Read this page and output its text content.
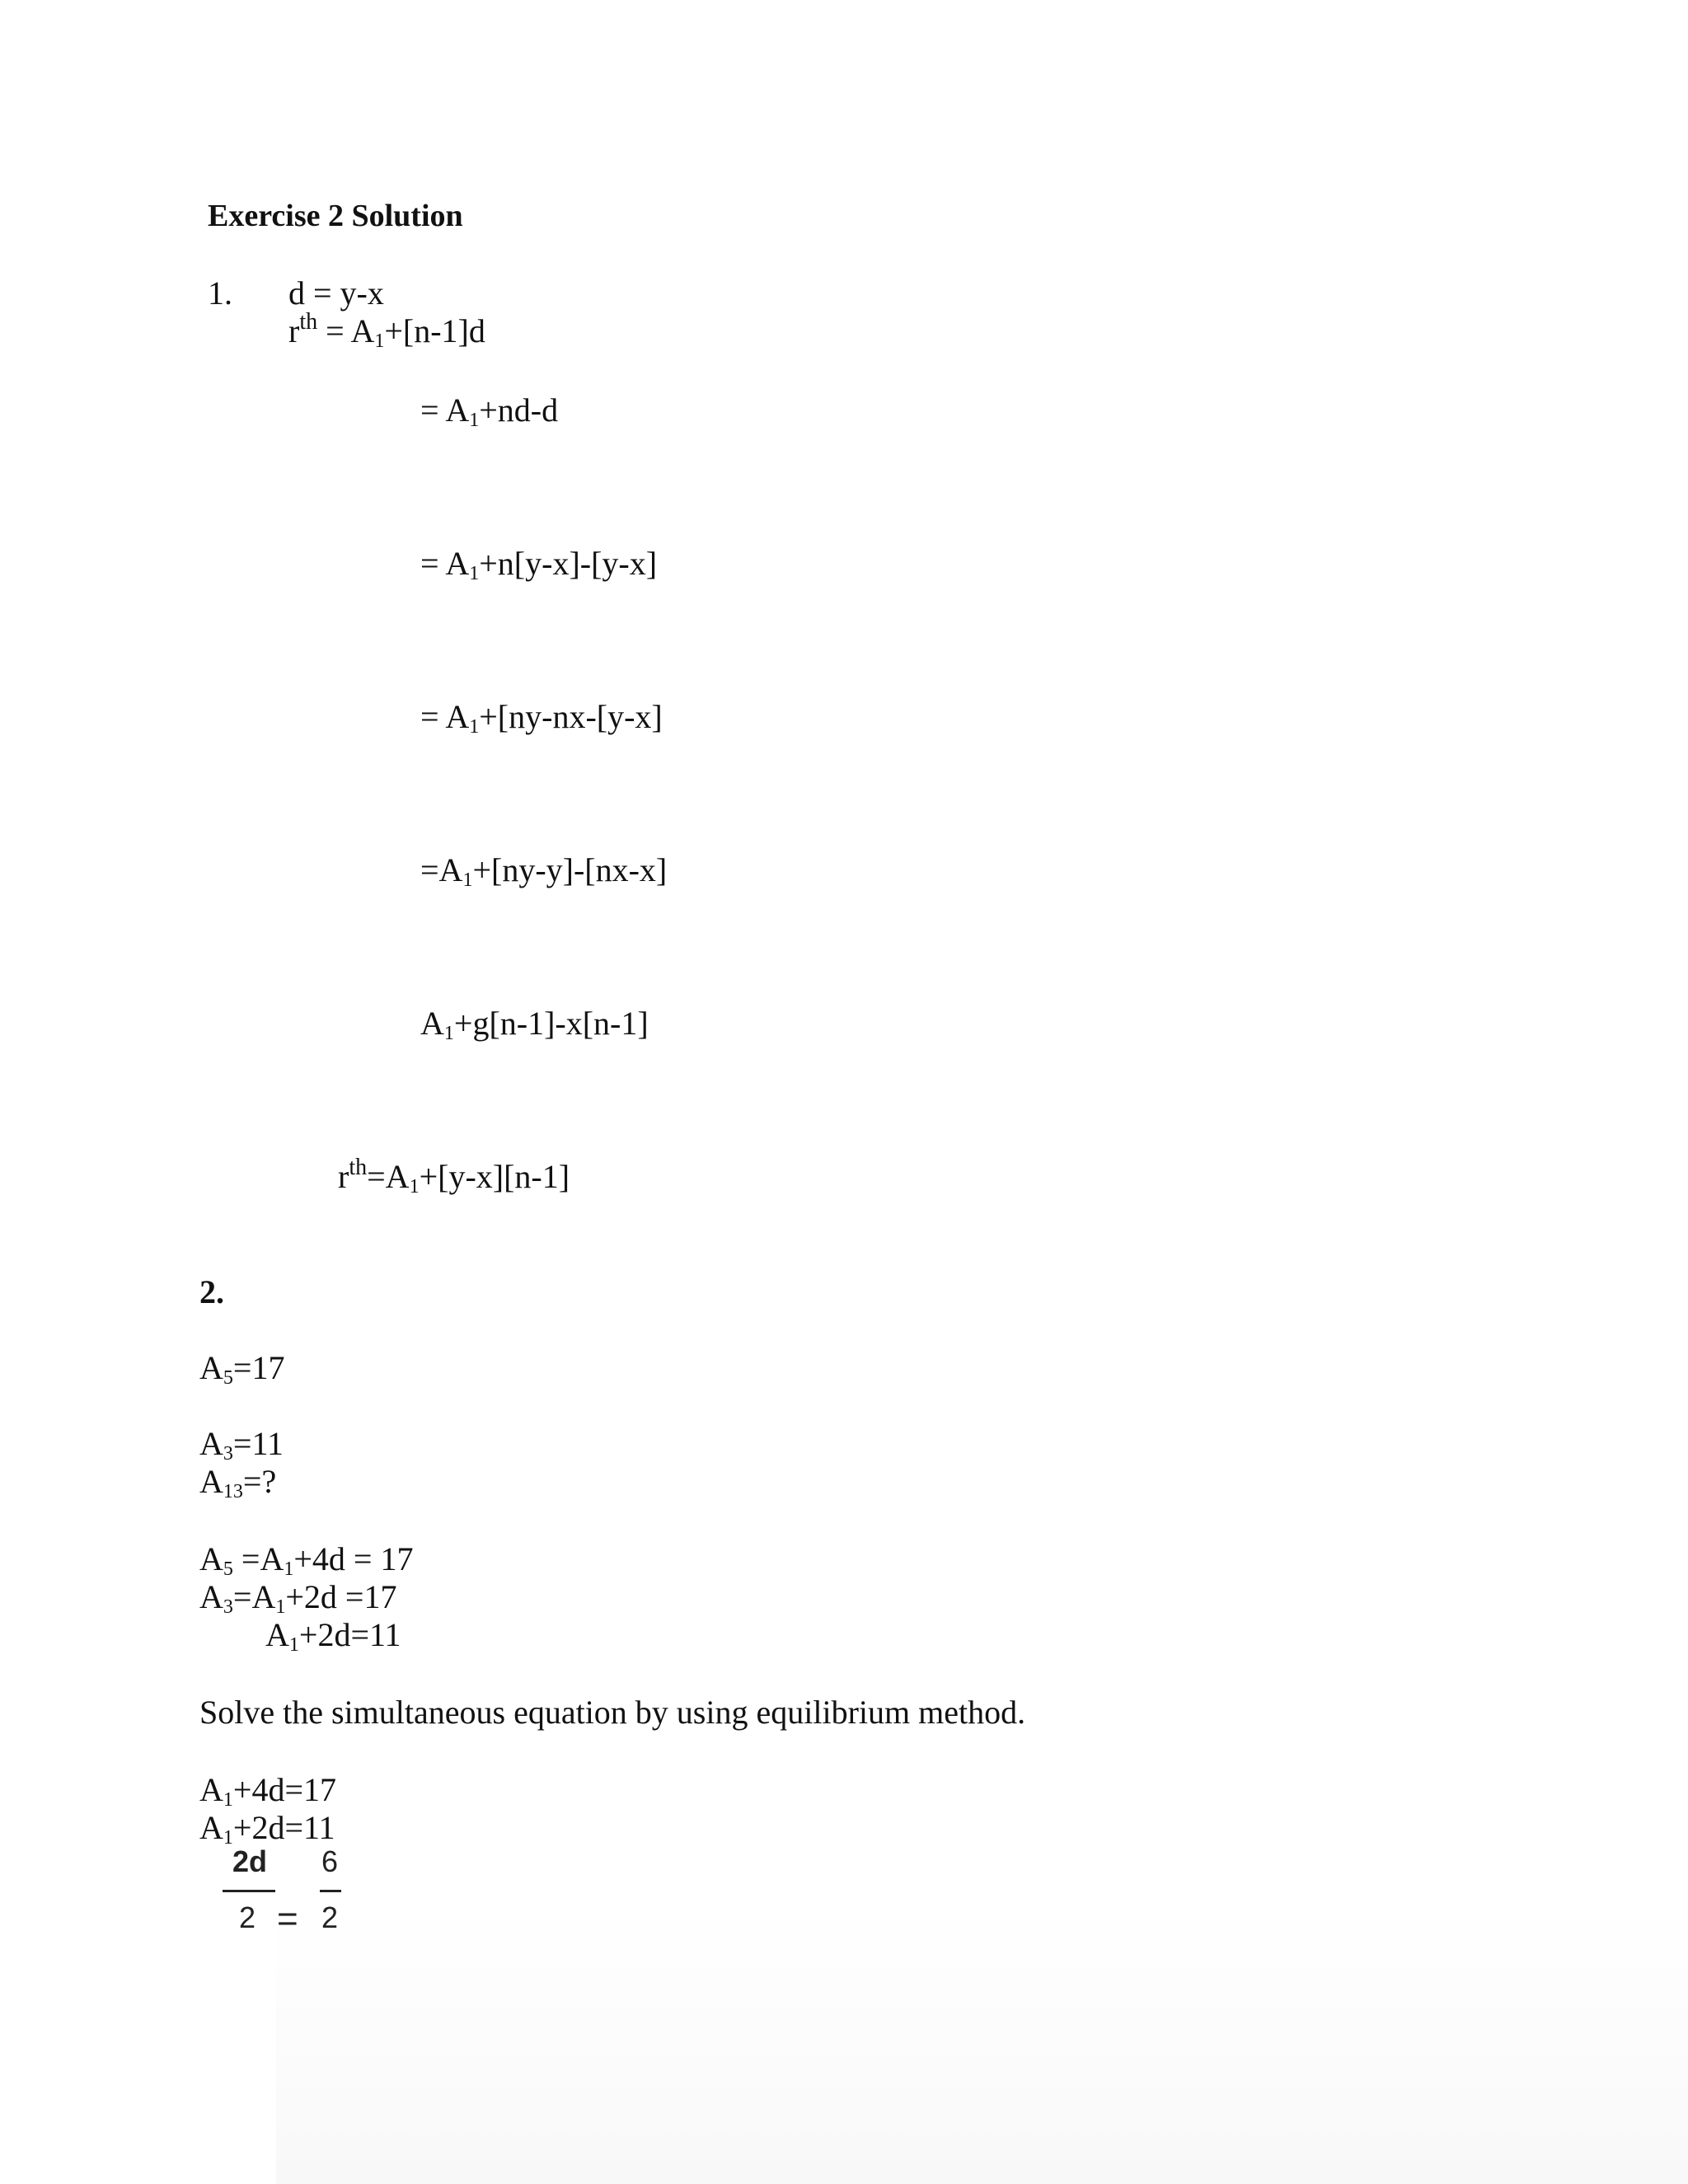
Exercise 2 Solution
1. d = y-x
$r^{th} = A_1+[n-1]d$
= $A_1+nd-d$
= $A_1+n[y-x]-[y-x]$
= $A_1+[ny-nx-[y-x]$
$=A_1+[ny-y]-[nx-x]$
$A_1+g[n-1]-x[n-1]$
$r^{th}=A_1+[y-x][n-1]$
2.
$A_5=17$
$A_3=11$
$A_{13}=$?
$A_5 =A_1+4d = 17$
$A_3=A_1+2d =17$
$A_1+2d=11$
Solve the simultaneous equation by using equilibrium method.
$A_1+4d=17$
$A_1+2d=11$
2d
2 =
6
2
